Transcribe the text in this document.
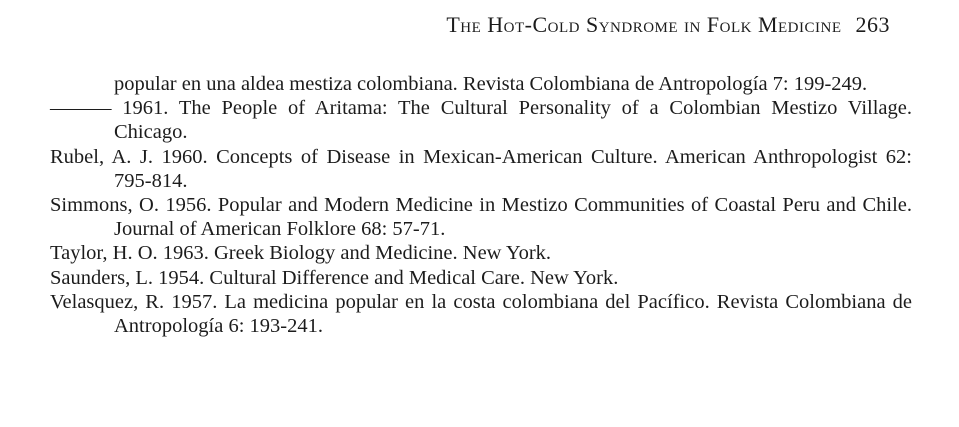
The Hot-Cold Syndrome in Folk Medicine 263
popular en una aldea mestiza colombiana. Revista Colombiana de Antropología 7: 199-249.
——— 1961. The People of Aritama: The Cultural Personality of a Colombian Mestizo Village. Chicago.
Rubel, A. J. 1960. Concepts of Disease in Mexican-American Culture. American Anthropologist 62: 795-814.
Simmons, O. 1956. Popular and Modern Medicine in Mestizo Communities of Coastal Peru and Chile. Journal of American Folklore 68: 57-71.
Taylor, H. O. 1963. Greek Biology and Medicine. New York.
Saunders, L. 1954. Cultural Difference and Medical Care. New York.
Velasquez, R. 1957. La medicina popular en la costa colombiana del Pacífico. Revista Colombiana de Antropología 6: 193-241.
